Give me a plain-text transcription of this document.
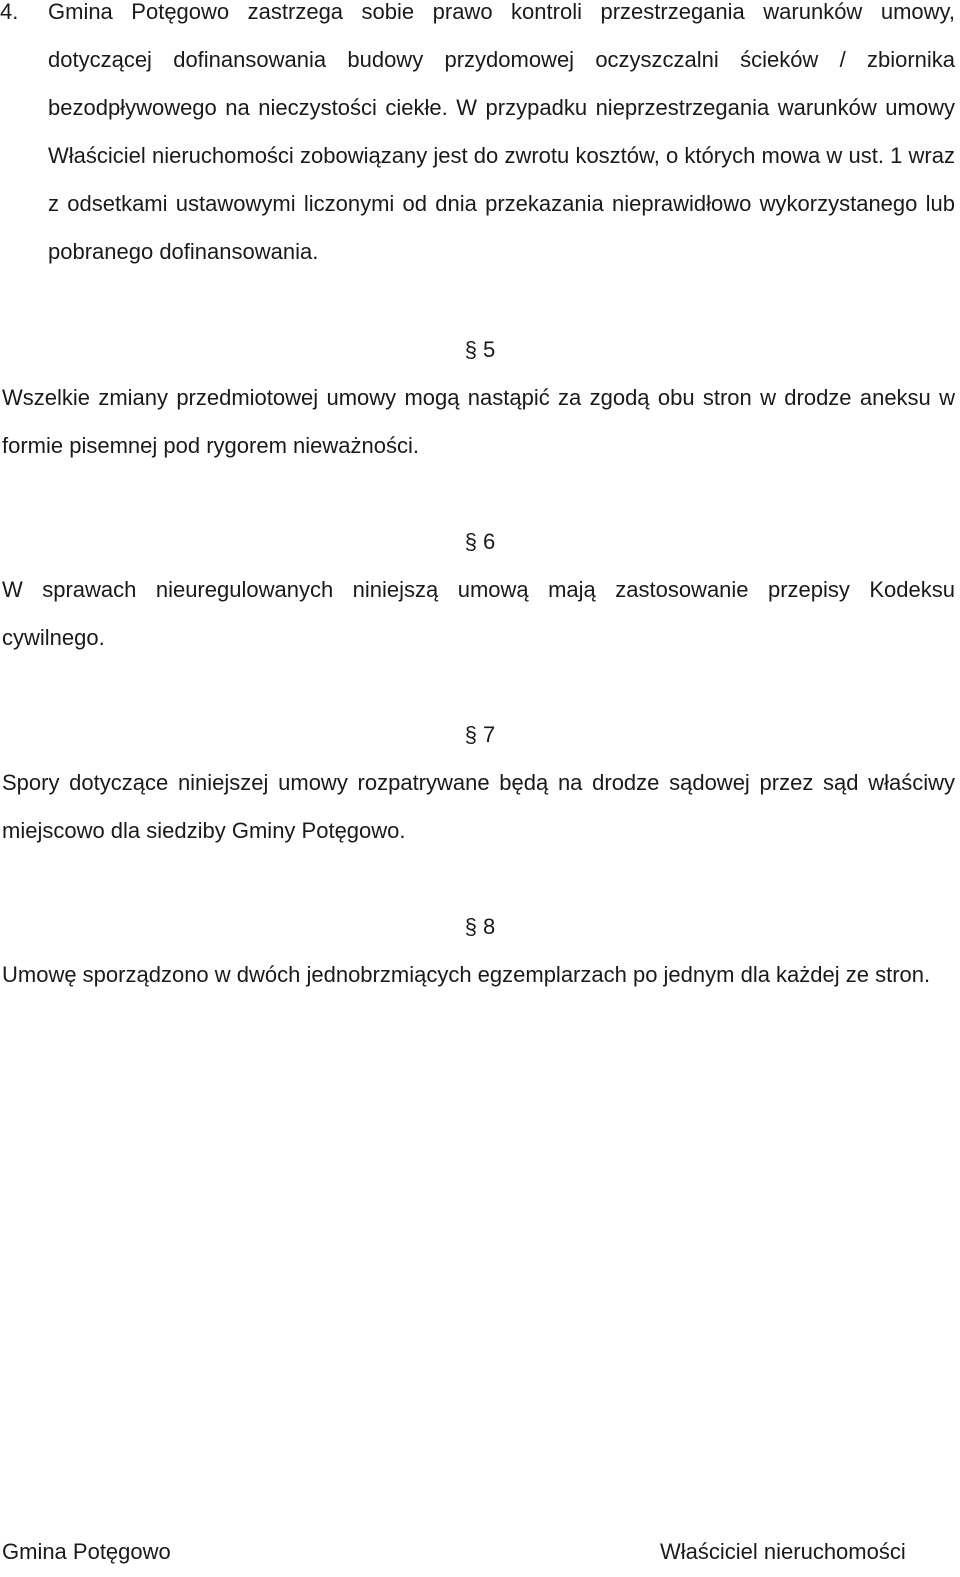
4. Gmina Potęgowo zastrzega sobie prawo kontroli przestrzegania warunków umowy, dotyczącej dofinansowania budowy przydomowej oczyszczalni ścieków / zbiornika bezodpływowego na nieczystości ciekłe. W przypadku nieprzestrzegania warunków umowy Właściciel nieruchomości zobowiązany jest do zwrotu kosztów, o których mowa w ust. 1 wraz z odsetkami ustawowymi liczonymi od dnia przekazania nieprawidłowo wykorzystanego lub pobranego dofinansowania.
§ 5
Wszelkie zmiany przedmiotowej umowy mogą nastąpić za zgodą obu stron w drodze aneksu w formie pisemnej pod rygorem nieważności.
§ 6
W sprawach nieuregulowanych niniejszą umową mają zastosowanie przepisy Kodeksu cywilnego.
§ 7
Spory dotyczące niniejszej umowy rozpatrywane będą na drodze sądowej przez sąd właściwy miejscowo dla siedziby Gminy Potęgowo.
§ 8
Umowę sporządzono w dwóch jednobrzmiących egzemplarzach po jednym dla każdej ze stron.
Gmina Potęgowo	Właściciel nieruchomości
